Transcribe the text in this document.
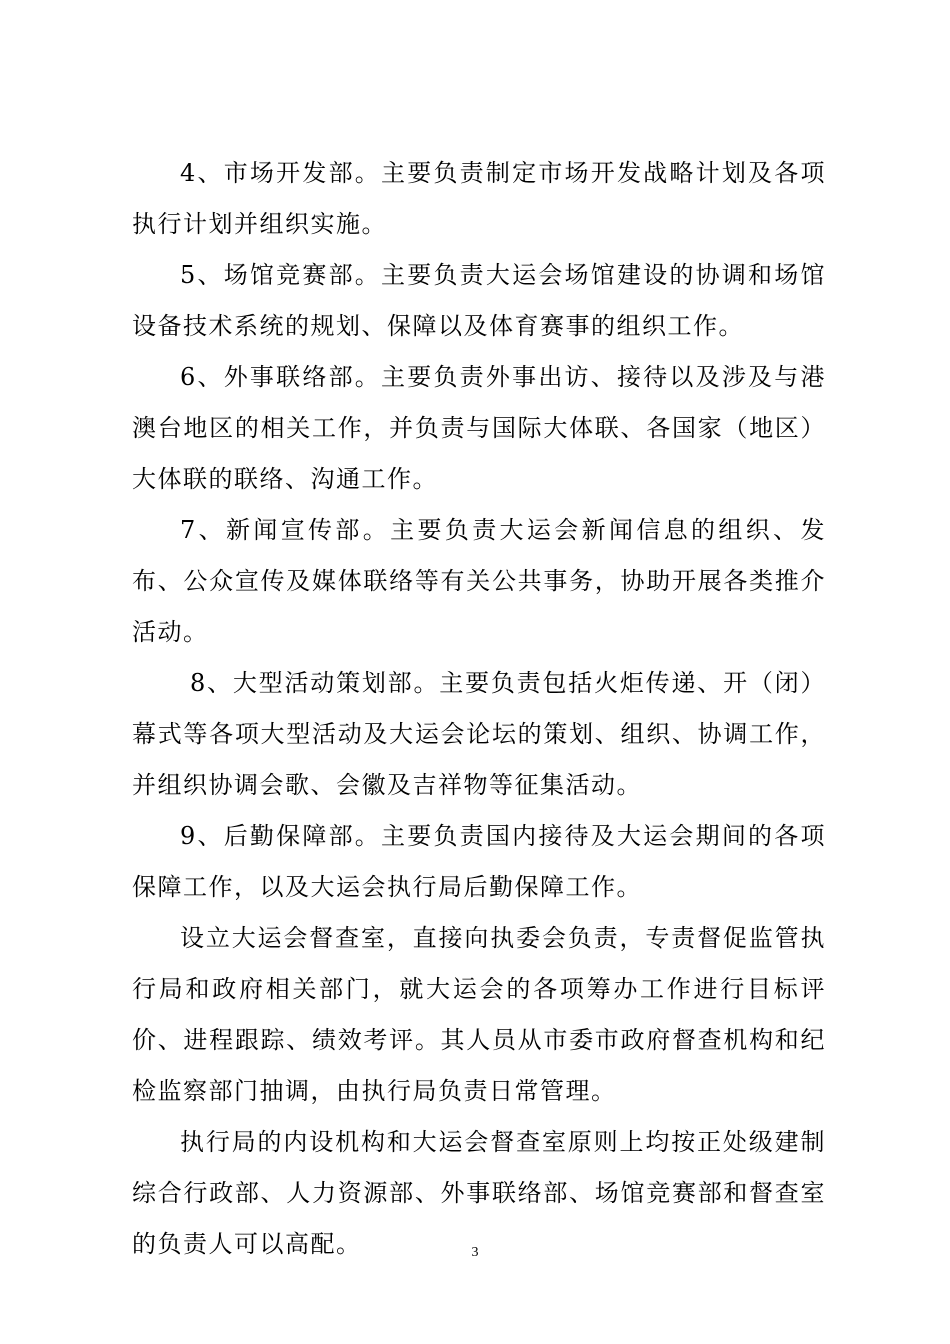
4、市场开发部。主要负责制定市场开发战略计划及各项执行计划并组织实施。

5、场馆竞赛部。主要负责大运会场馆建设的协调和场馆设备技术系统的规划、保障以及体育赛事的组织工作。

6、外事联络部。主要负责外事出访、接待以及涉及与港澳台地区的相关工作，并负责与国际大体联、各国家（地区）大体联的联络、沟通工作。

7、新闻宣传部。主要负责大运会新闻信息的组织、发布、公众宣传及媒体联络等有关公共事务，协助开展各类推介活动。

8、大型活动策划部。主要负责包括火炬传递、开（闭）幕式等各项大型活动及大运会论坛的策划、组织、协调工作，并组织协调会歌、会徽及吉祥物等征集活动。

9、后勤保障部。主要负责国内接待及大运会期间的各项保障工作，以及大运会执行局后勤保障工作。

设立大运会督查室，直接向执委会负责，专责督促监管执行局和政府相关部门，就大运会的各项筹办工作进行目标评价、进程跟踪、绩效考评。其人员从市委市政府督查机构和纪检监察部门抽调，由执行局负责日常管理。

执行局的内设机构和大运会督查室原则上均按正处级建制综合行政部、人力资源部、外事联络部、场馆竞赛部和督查室的负责人可以高配。	3
